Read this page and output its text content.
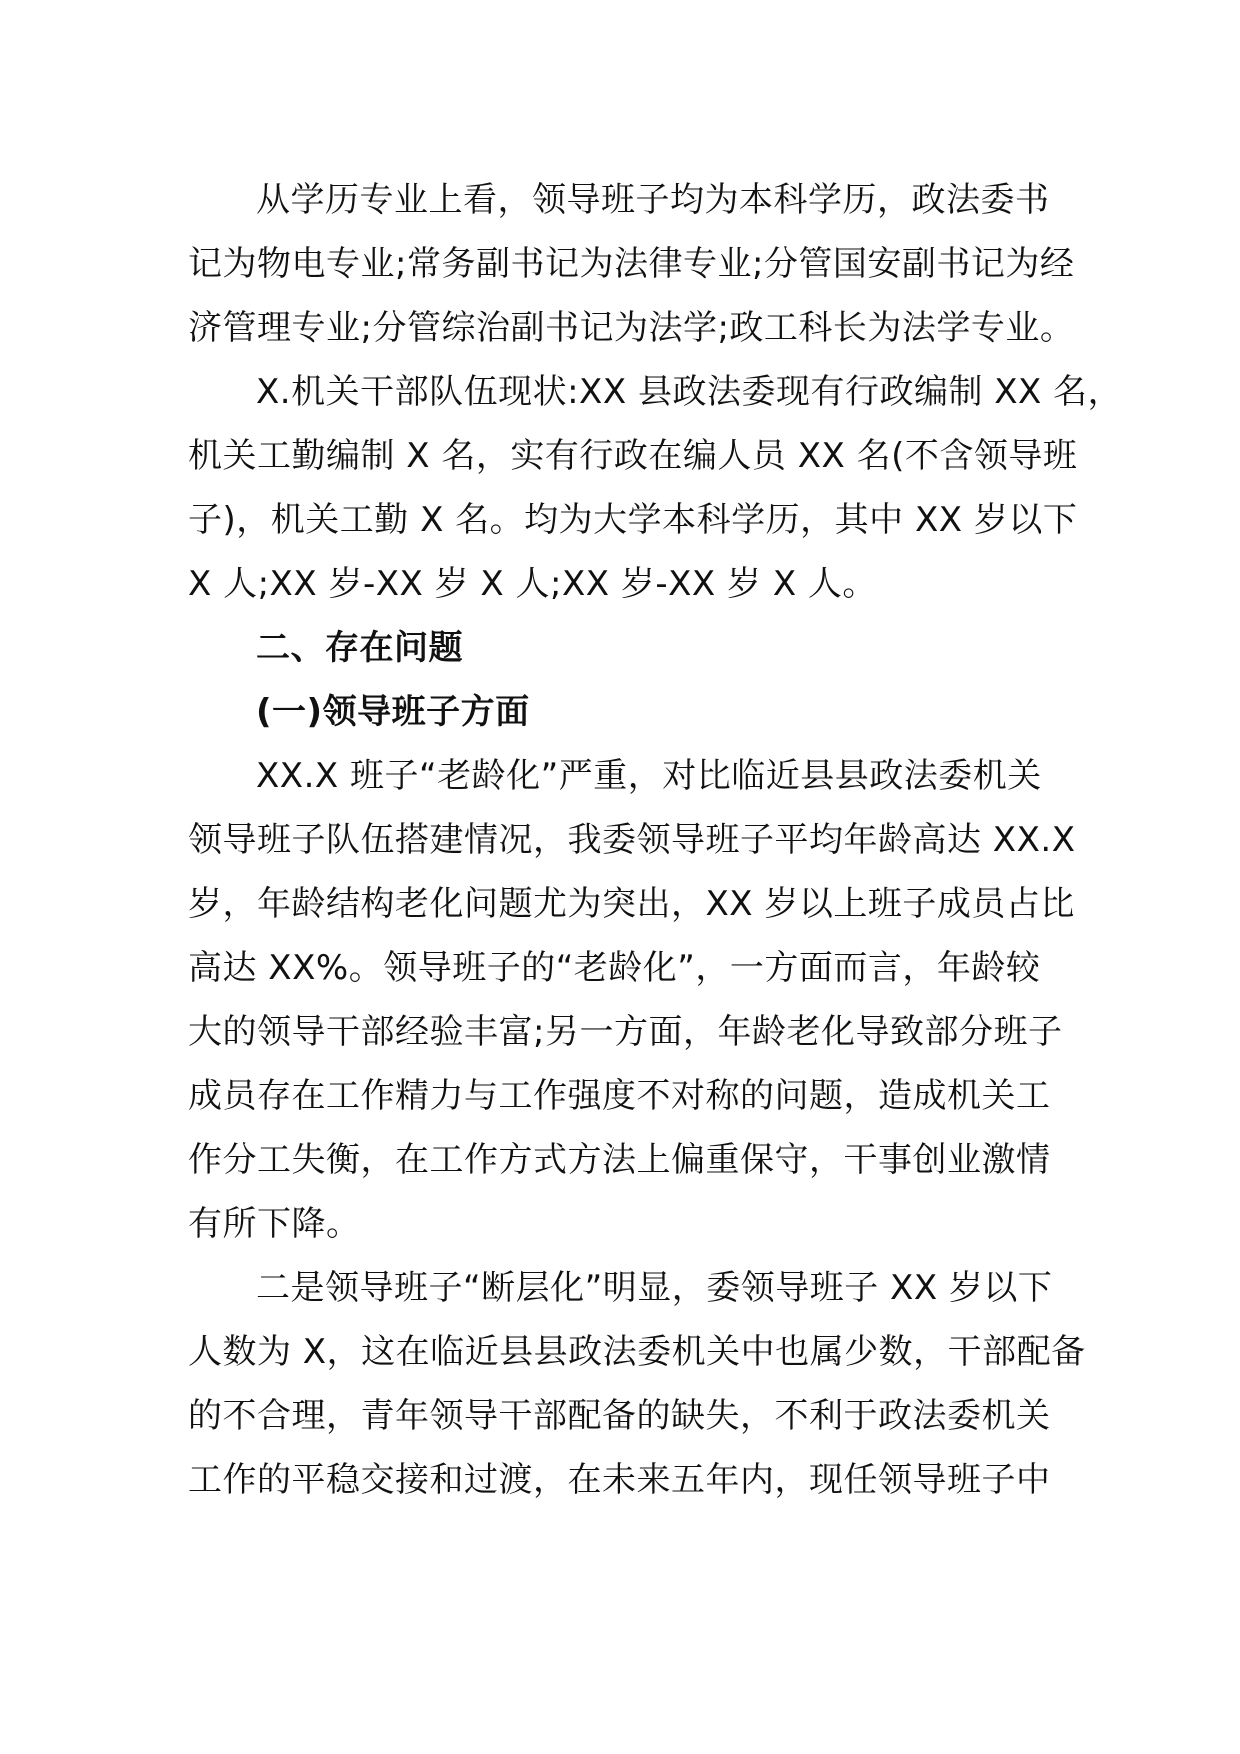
从学历专业上看，领导班子均为本科学历，政法委书
记为物电专业;常务副书记为法律专业;分管国安副书记为经
济管理专业;分管综治副书记为法学;政工科长为法学专业。
X.机关干部队伍现状:XX 县政法委现有行政编制 XX 名，
机关工勤编制 X 名，实有行政在编人员 XX 名(不含领导班
子)，机关工勤 X 名。均为大学本科学历，其中 XX 岁以下
X 人;XX 岁-XX 岁 X 人;XX 岁-XX 岁 X 人。
二、存在问题
(一)领导班子方面
XX.X 班子“老龄化”严重，对比临近县县政法委机关
领导班子队伍搭建情况，我委领导班子平均年龄高达 XX.X
岁，年龄结构老化问题尤为突出，XX 岁以上班子成员占比
高达 XX%。领导班子的“老龄化”，一方面而言，年龄较
大的领导干部经验丰富;另一方面，年龄老化导致部分班子
成员存在工作精力与工作强度不对称的问题，造成机关工
作分工失衡，在工作方式方法上偏重保守，干事创业激情
有所下降。
二是领导班子“断层化”明显，委领导班子 XX 岁以下
人数为 X，这在临近县县政法委机关中也属少数，干部配备
的不合理，青年领导干部配备的缺失，不利于政法委机关
工作的平稳交接和过渡，在未来五年内，现任领导班子中
